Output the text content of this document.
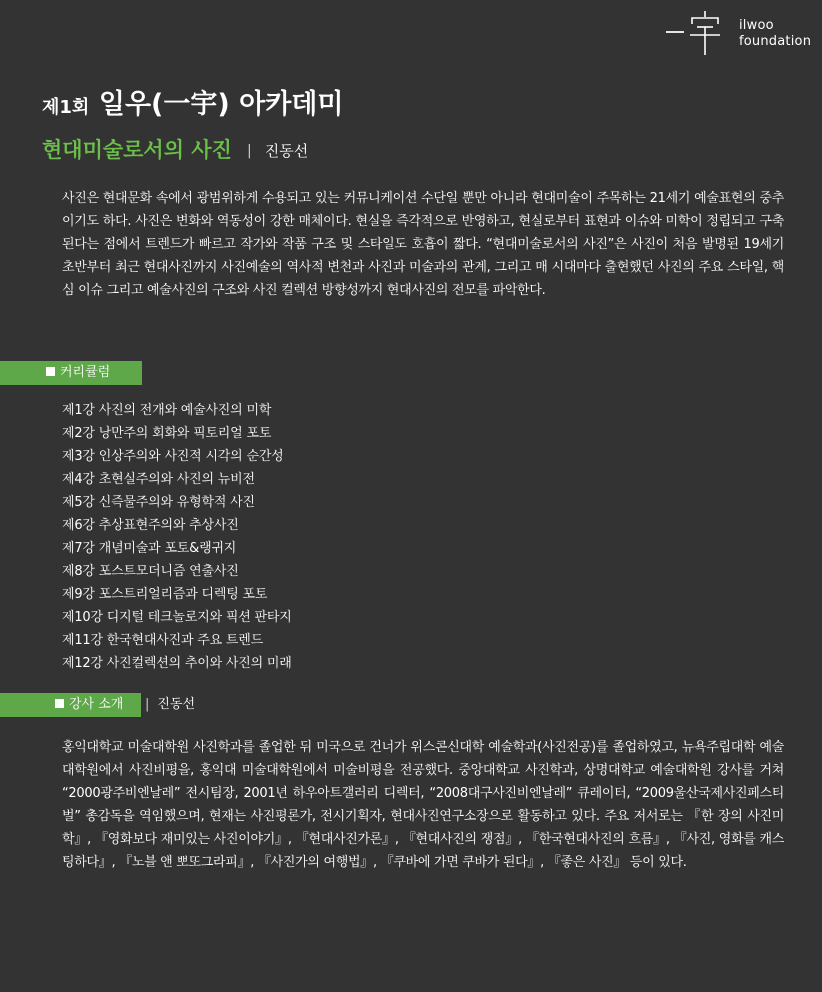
ilwoo
foundation
제1회 일우(一宇) 아카데미
현대미술로서의 사진 | 진동선

사진은 현대문화 속에서 광범위하게 수용되고 있는 커뮤니케이션 수단일 뿐만 아니라 현대미술이 주목하는 21세기 예술표현의 중추이기도 하다. 사진은 변화와 역동성이 강한 매체이다. 현실을 즉각적으로 반영하고, 현실로부터 표현과 이슈와 미학이 정립되고 구축된다는 점에서 트렌드가 빠르고 작가와 작품 구조 및 스타일도 호흡이 짧다. “현대미술로서의 사진”은 사진이 처음 발명된 19세기 초반부터 최근 현대사진까지 사진예술의 역사적 변천과 사진과 미술과의 관계, 그리고 매 시대마다 출현했던 사진의 주요 스타일, 핵심 이슈 그리고 예술사진의 구조와 사진 컬렉션 방향성까지 현대사진의 전모를 파악한다.

커리큘럼
제1강 사진의 전개와 예술사진의 미학
제2강 낭만주의 회화와 픽토리얼 포토
제3강 인상주의와 사진적 시각의 순간성
제4강 초현실주의와 사진의 뉴비전
제5강 신즉물주의와 유형학적 사진
제6강 추상표현주의와 추상사진
제7강 개념미술과 포토&랭귀지
제8강 포스트모더니즘 연출사진
제9강 포스트리얼리즘과 디렉팅 포토
제10강 디지털 테크놀로지와 픽션 판타지
제11강 한국현대사진과 주요 트렌드
제12강 사진컬렉션의 추이와 사진의 미래
강사 소개	| 진동선

홍익대학교 미술대학원 사진학과를 졸업한 뒤 미국으로 건너가 위스콘신대학 예술학과(사진전공)를 졸업하였고, 뉴욕주립대학 예술대학원에서 사진비평을, 홍익대 미술대학원에서 미술비평을 전공했다. 중앙대학교 사진학과, 상명대학교 예술대학원 강사를 거쳐 “2000광주비엔날레” 전시팀장, 2001년 하우아트갤러리 디렉터, “2008대구사진비엔날레” 큐레이터, “2009울산국제사진페스티벌” 총감독을 역임했으며, 현재는 사진평론가, 전시기획자, 현대사진연구소장으로 활동하고 있다. 주요 저서로는 『한 장의 사진미학』, 『영화보다 재미있는 사진이야기』, 『현대사진가론』, 『현대사진의 쟁점』, 『한국현대사진의 흐름』, 『사진, 영화를 캐스팅하다』, 『노블 앤 뽀또그라피』, 『사진가의 여행법』, 『쿠바에 가면 쿠바가 된다』, 『좋은 사진』 등이 있다.
